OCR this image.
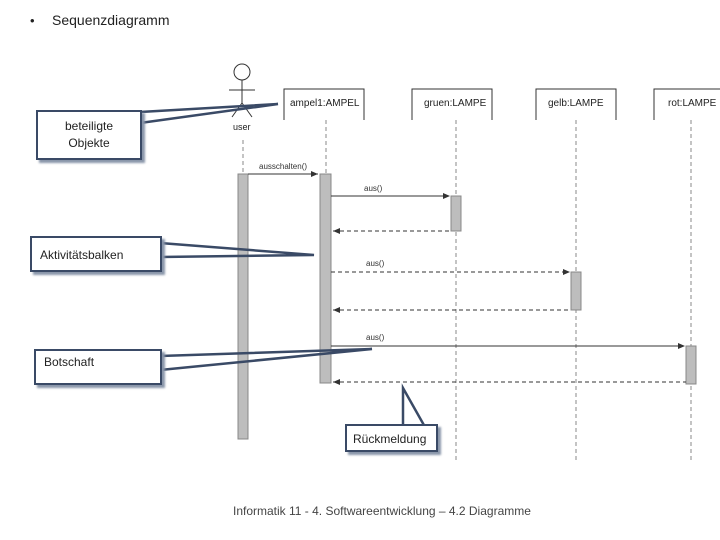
• Sequenzdiagramm
ampel1:AMPEL	gruen:LAMPE	gelb:LAMPE	rot:LAMPE
user
ausschalten()
aus()
aus()
aus()
beteiligte
Objekte
Aktivitätsbalken
Botschaft
Rückmeldung
Informatik 11 - 4. Softwareentwicklung – 4.2 Diagramme
